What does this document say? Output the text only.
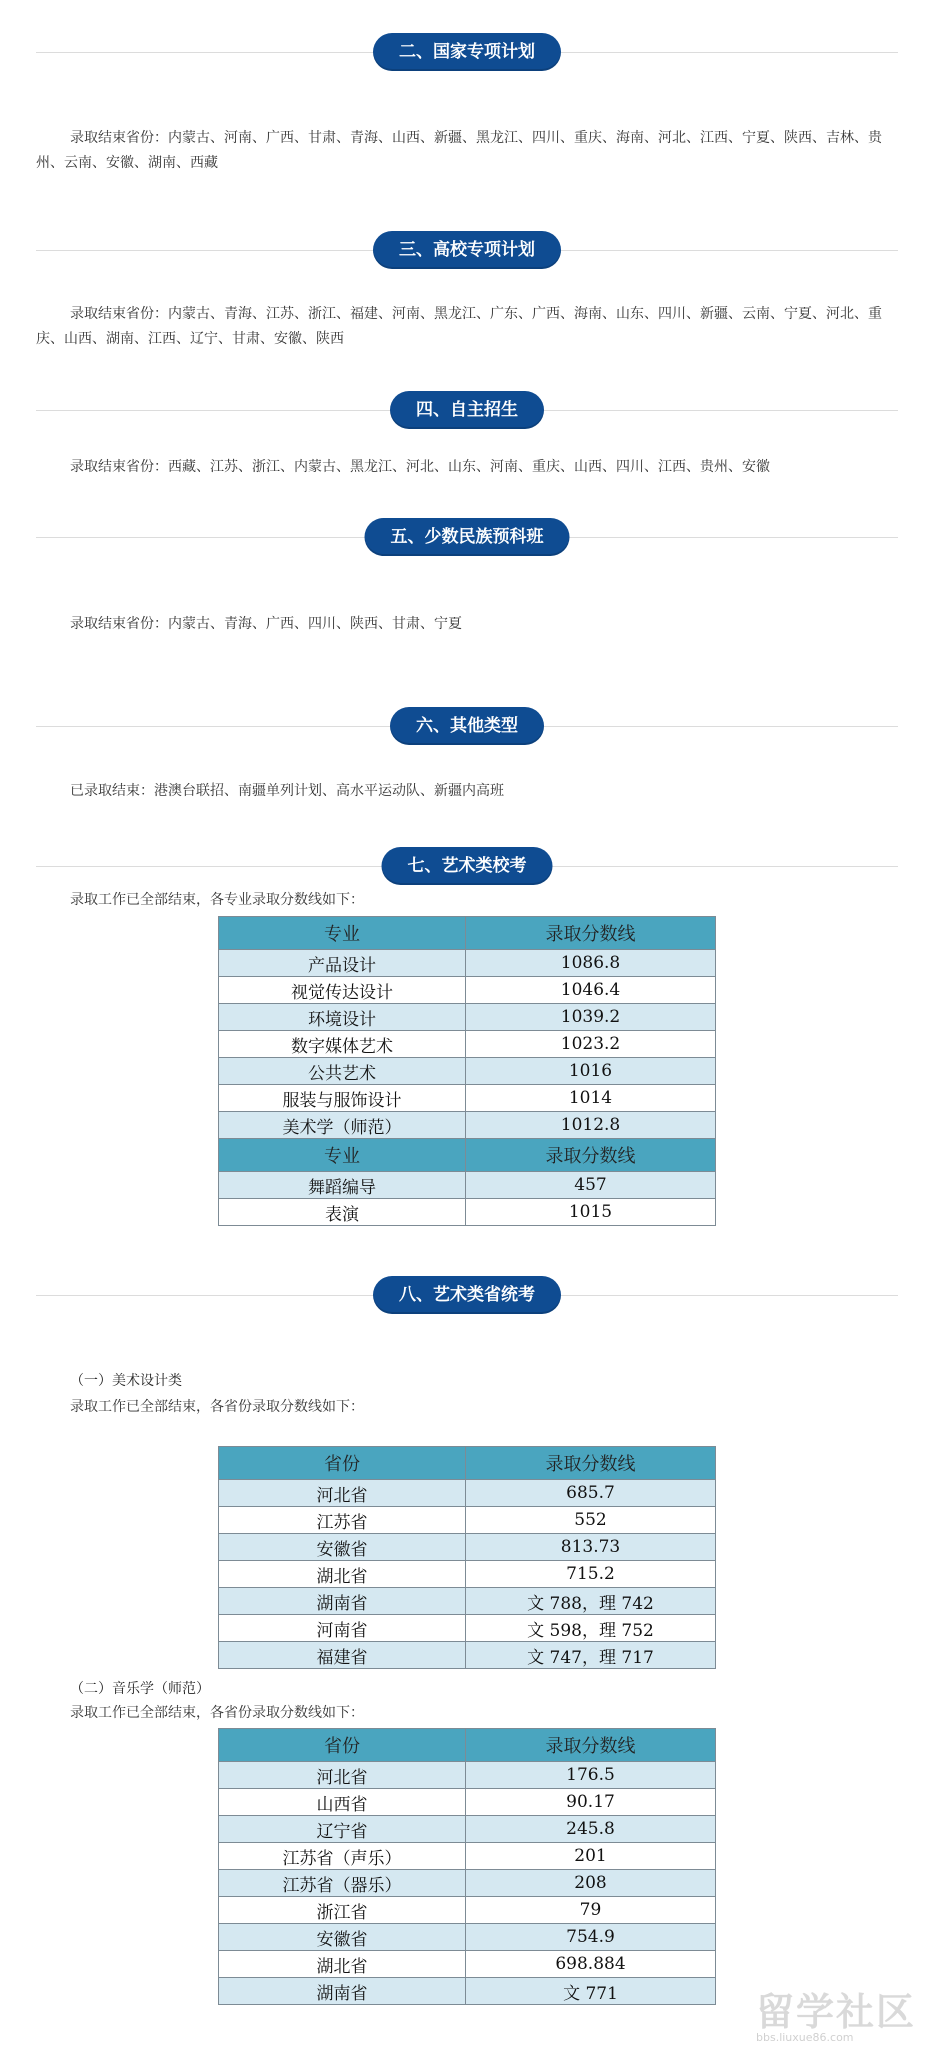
二、国家专项计划
录取结束省份：内蒙古、河南、广西、甘肃、青海、山西、新疆、黑龙江、四川、重庆、海南、河北、江西、宁夏、陕西、吉林、贵州、云南、安徽、湖南、西藏
三、高校专项计划
录取结束省份：内蒙古、青海、江苏、浙江、福建、河南、黑龙江、广东、广西、海南、山东、四川、新疆、云南、宁夏、河北、重庆、山西、湖南、江西、辽宁、甘肃、安徽、陕西
四、自主招生
录取结束省份：西藏、江苏、浙江、内蒙古、黑龙江、河北、山东、河南、重庆、山西、四川、江西、贵州、安徽
五、少数民族预科班
录取结束省份：内蒙古、青海、广西、四川、陕西、甘肃、宁夏
六、其他类型
已录取结束：港澳台联招、南疆单列计划、高水平运动队、新疆内高班
七、艺术类校考
录取工作已全部结束，各专业录取分数线如下：
专业	录取分数线
产品设计	1086.8
视觉传达设计	1046.4
环境设计	1039.2
数字媒体艺术	1023.2
公共艺术	1016
服装与服饰设计	1014
美术学（师范）	1012.8
专业	录取分数线
舞蹈编导	457
表演	1015
八、艺术类省统考
（一）美术设计类
录取工作已全部结束，各省份录取分数线如下：
省份	录取分数线
河北省	685.7
江苏省	552
安徽省	813.73
湖北省	715.2
湖南省	文 788，理 742
河南省	文 598，理 752
福建省	文 747，理 717
（二）音乐学（师范）
录取工作已全部结束，各省份录取分数线如下：
省份	录取分数线
河北省	176.5
山西省	90.17
辽宁省	245.8
江苏省（声乐）	201
江苏省（器乐）	208
浙江省	79
安徽省	754.9
湖北省	698.884
湖南省	文 771	留学社区
bbs.liuxue86.com
